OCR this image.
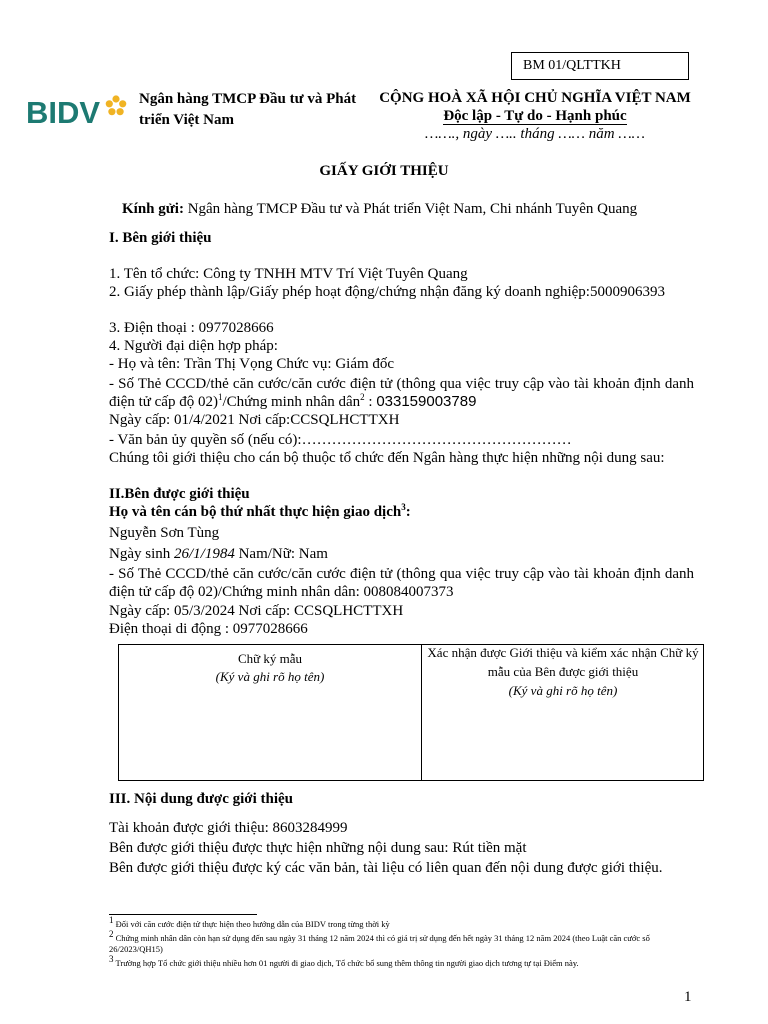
BM 01/QLTTKH
BIDV	Ngân hàng TMCP Đầu tư và Phát triển Việt Nam
CỘNG HOÀ XÃ HỘI CHỦ NGHĨA VIỆT NAM
Độc lập - Tự do - Hạnh phúc
……., ngày ….. tháng …… năm ……
GIẤY GIỚI THIỆU
Kính gửi: Ngân hàng TMCP Đầu tư và Phát triển Việt Nam, Chi nhánh Tuyên Quang
I. Bên giới thiệu
1. Tên tổ chức: Công ty TNHH MTV Trí Việt Tuyên Quang
2. Giấy phép thành lập/Giấy phép hoạt động/chứng nhận đăng ký doanh nghiệp:5000906393
3. Điện thoại : 0977028666
4. Người đại diện hợp pháp:
- Họ và tên: Trần Thị Vọng Chức vụ: Giám đốc
- Số Thẻ CCCD/thẻ căn cước/căn cước điện tử (thông qua việc truy cập vào tài khoản định danh điện tử cấp độ 02)$^1$/Chứng minh nhân dân$^2$ : 033159003789
Ngày cấp: 01/4/2021 Nơi cấp:CCSQLHCTTXH
- Văn bản ủy quyền số (nếu có):………………………………………………
Chúng tôi giới thiệu cho cán bộ thuộc tổ chức đến Ngân hàng thực hiện những nội dung sau:
II.Bên được giới thiệu
Họ và tên cán bộ thứ nhất thực hiện giao dịch$^3$:
Nguyễn Sơn Tùng
Ngày sinh 26/1/1984 Nam/Nữ: Nam
- Số Thẻ CCCD/thẻ căn cước/căn cước điện tử (thông qua việc truy cập vào tài khoản định danh điện tử cấp độ 02)/Chứng minh nhân dân: 008084007373
Ngày cấp: 05/3/2024 Nơi cấp: CCSQLHCTTXH
Điện thoại di động : 0977028666
Chữ ký mẫu
(Ký và ghi rõ họ tên)
Xác nhận được Giới thiệu và kiểm xác nhận Chữ ký mẫu của Bên được giới thiệu
(Ký và ghi rõ họ tên)
III. Nội dung được giới thiệu
Tài khoản được giới thiệu: 8603284999
Bên được giới thiệu được thực hiện những nội dung sau: Rút tiền mặt
Bên được giới thiệu được ký các văn bản, tài liệu có liên quan đến nội dung được giới thiệu.
$^1$ Đối với căn cước điện tử thực hiện theo hướng dẫn của BIDV trong từng thời kỳ
$^2$ Chứng minh nhân dân còn hạn sử dụng đến sau ngày 31 tháng 12 năm 2024 thì có giá trị sử dụng đến hết ngày 31 tháng 12 năm 2024 (theo Luật căn cước số 26/2023/QH15)
$^3$ Trường hợp Tổ chức giới thiệu nhiều hơn 01 người đi giao dịch, Tổ chức bổ sung thêm thông tin người giao dịch tương tự tại Điểm này.
1
